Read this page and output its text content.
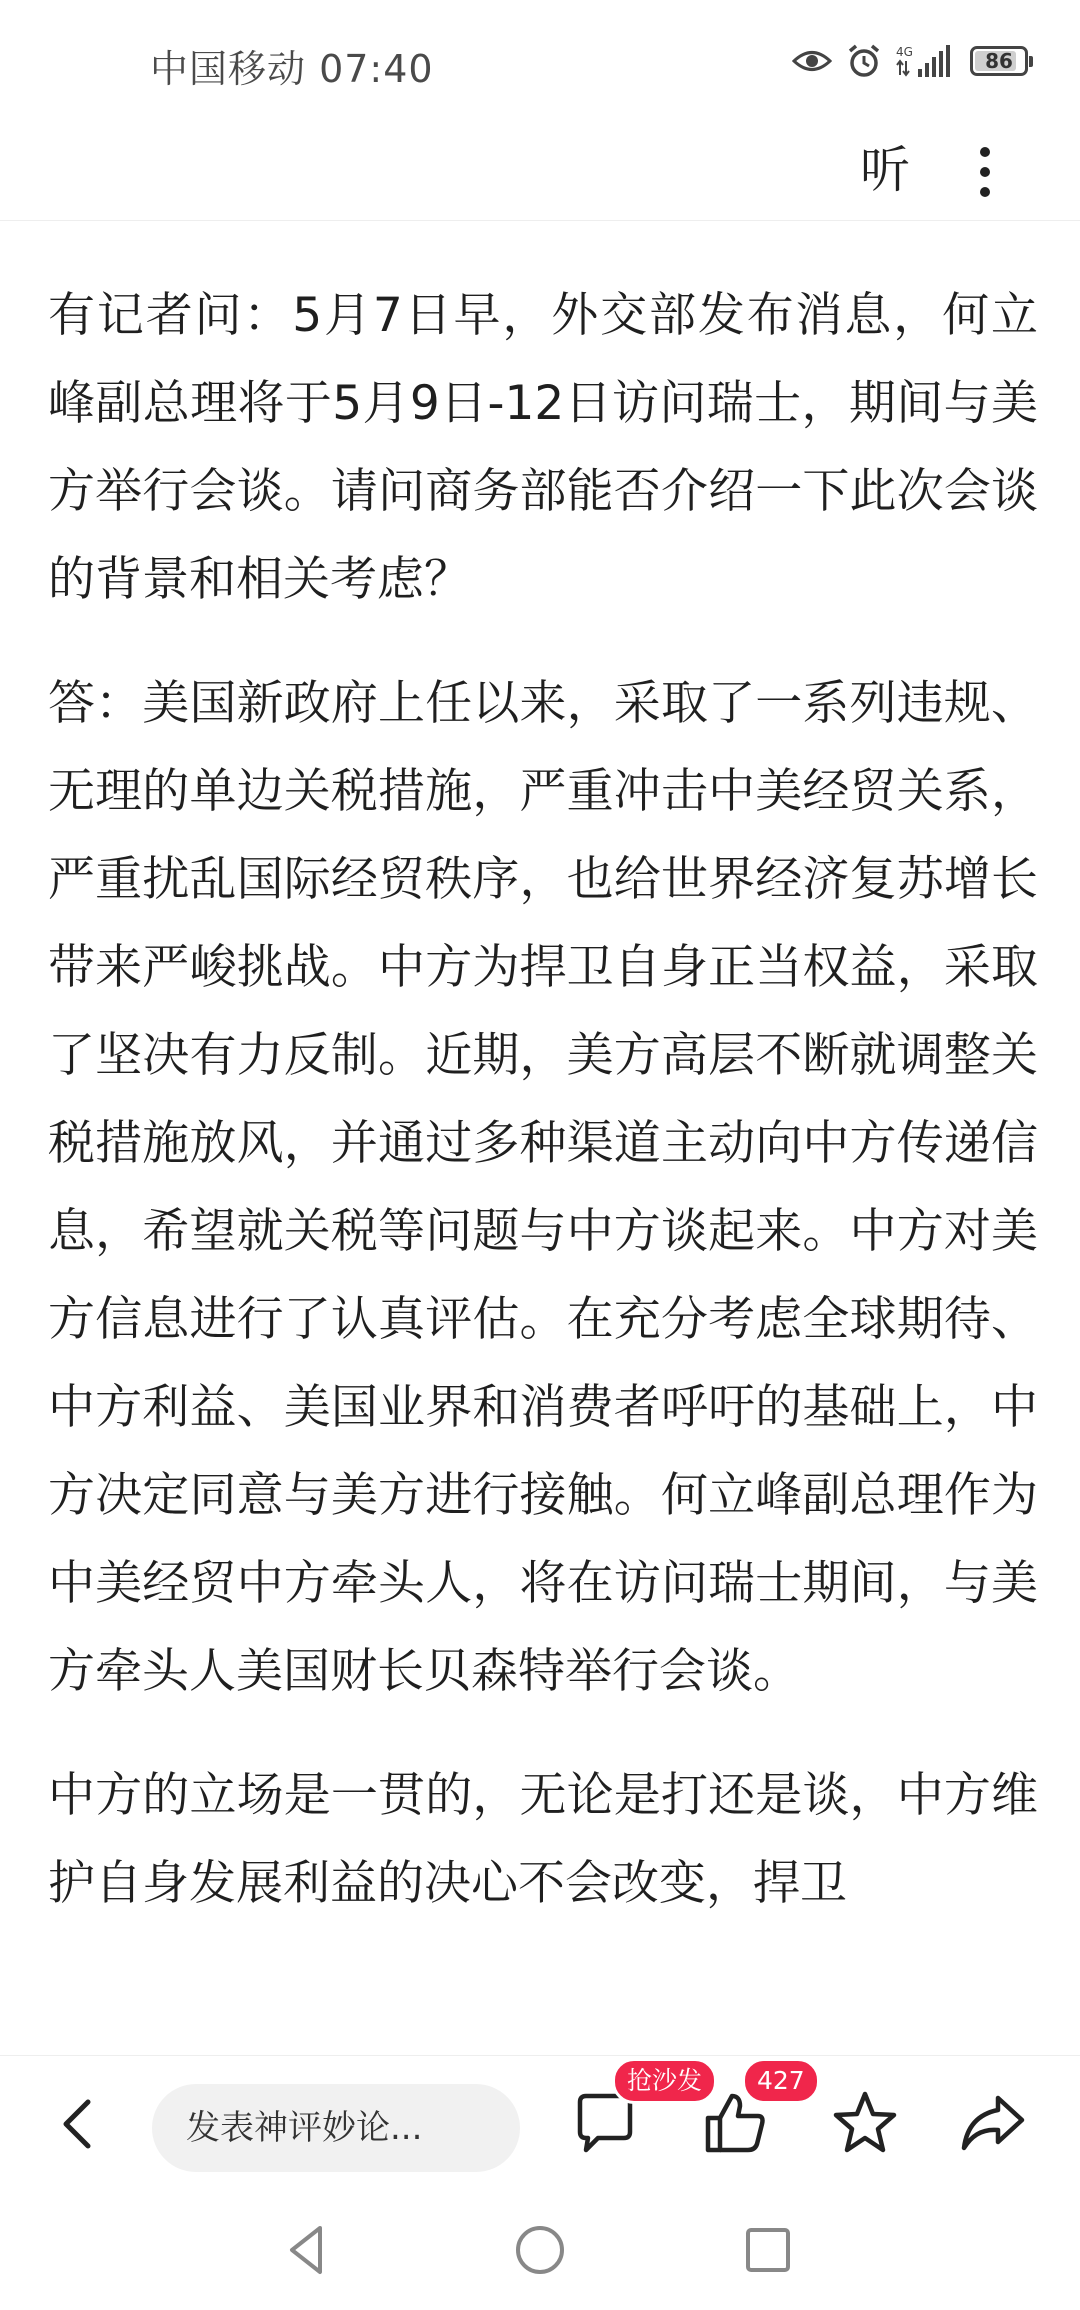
中国移动 07:40	4G	86
听

有记者问：5月7日早，外交部发布消息，何立峰副总理将于5月9日-12日访问瑞士，期间与美方举行会谈。请问商务部能否介绍一下此次会谈的背景和相关考虑？

答：美国新政府上任以来，采取了一系列违规、无理的单边关税措施，严重冲击中美经贸关系，严重扰乱国际经贸秩序，也给世界经济复苏增长带来严峻挑战。中方为捍卫自身正当权益，采取了坚决有力反制。近期，美方高层不断就调整关税措施放风，并通过多种渠道主动向中方传递信息，希望就关税等问题与中方谈起来。中方对美方信息进行了认真评估。在充分考虑全球期待、中方利益、美国业界和消费者呼吁的基础上，中方决定同意与美方进行接触。何立峰副总理作为中美经贸中方牵头人，将在访问瑞士期间，与美方牵头人美国财长贝森特举行会谈。

中方的立场是一贯的，无论是打还是谈，中方维护自身发展利益的决心不会改变，捍卫

发表神评妙论...
抢沙发	427
